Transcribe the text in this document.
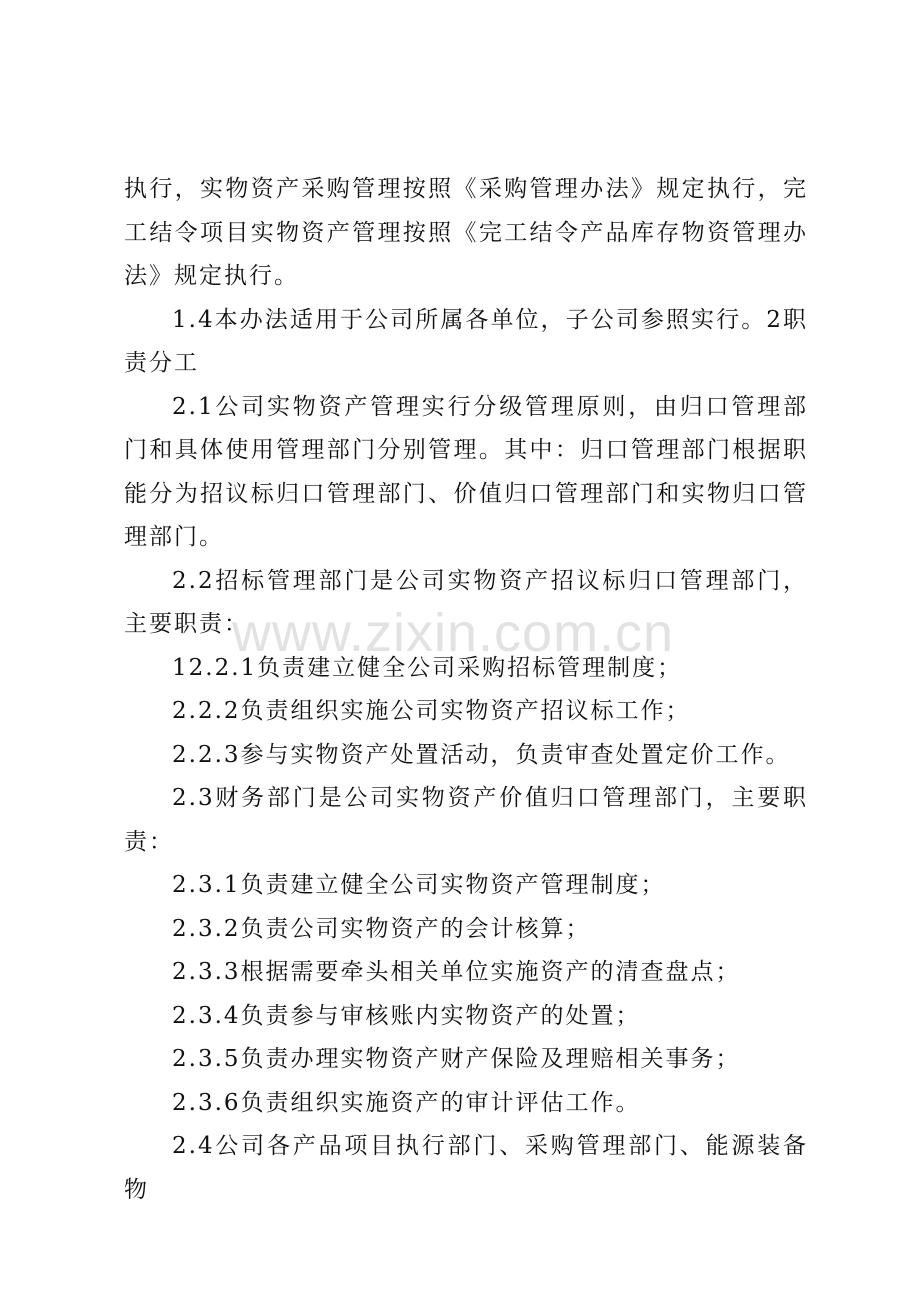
www.zixin.com.cn

执行，实物资产采购管理按照《采购管理办法》规定执行，完工结令项目实物资产管理按照《完工结令产品库存物资管理办法》规定执行。

1.4本办法适用于公司所属各单位，子公司参照实行。2职责分工

2.1公司实物资产管理实行分级管理原则，由归口管理部门和具体使用管理部门分别管理。其中：归口管理部门根据职能分为招议标归口管理部门、价值归口管理部门和实物归口管理部门。

2.2招标管理部门是公司实物资产招议标归口管理部门，主要职责：

12.2.1负责建立健全公司采购招标管理制度；

2.2.2负责组织实施公司实物资产招议标工作；

2.2.3参与实物资产处置活动，负责审查处置定价工作。

2.3财务部门是公司实物资产价值归口管理部门，主要职责：

2.3.1负责建立健全公司实物资产管理制度；

2.3.2负责公司实物资产的会计核算；

2.3.3根据需要牵头相关单位实施资产的清查盘点；

2.3.4负责参与审核账内实物资产的处置；

2.3.5负责办理实物资产财产保险及理赔相关事务；

2.3.6负责组织实施资产的审计评估工作。

2.4公司各产品项目执行部门、采购管理部门、能源装备物
